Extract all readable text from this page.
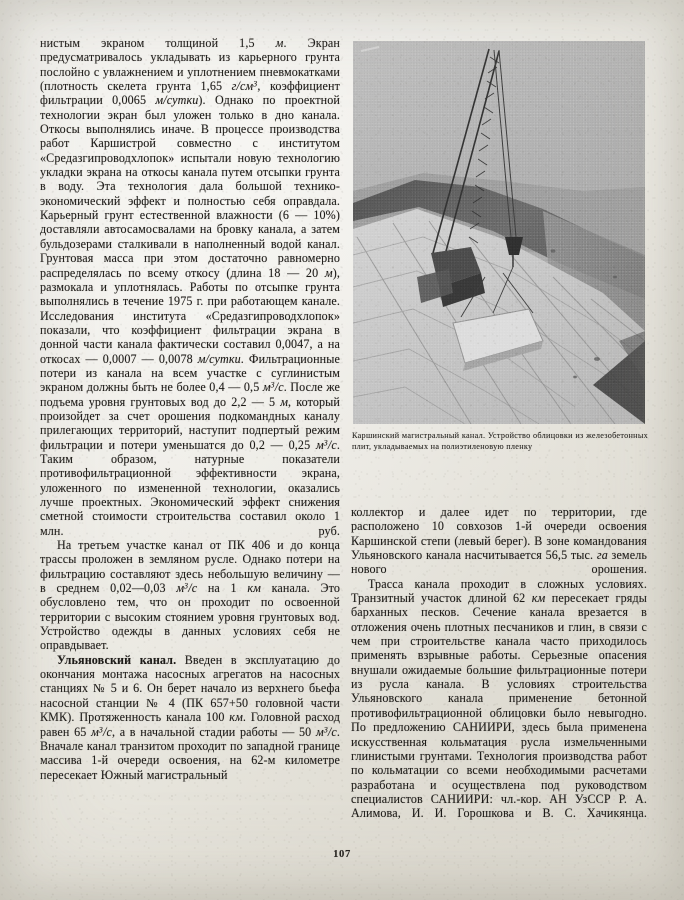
нистым экраном толщиной 1,5 м. Экран предусматривалось укладывать из карьерного грунта послойно с увлажнением и уплотнением пневмокатками (плотность скелета грунта 1,65 $г/см^3$, коэффициент фильтрации 0,0065 м/сутки). Однако по проектной технологии экран был уложен только в дно канала. Откосы выполнялись иначе. В процессе производства работ Каршистрой совместно с институтом «Средазгипроводхлопок» испытали новую технологию укладки экрана на откосы канала путем отсыпки грунта в воду. Эта технология дала большой технико-экономический эффект и полностью себя оправдала. Карьерный грунт естественной влажности (6 — 10%) доставляли автосамосвалами на бровку канала, а затем бульдозерами сталкивали в наполненный водой канал. Грунтовая масса при этом достаточно равномерно распределялась по всему откосу (длина 18 — 20 м), размокала и уплотнялась. Работы по отсыпке грунта выполнялись в течение 1975 г. при работающем канале. Исследования института «Средазгипроводхлопок» показали, что коэффициент фильтрации экрана в донной части канала фактически составил 0,0047, а на откосах — 0,0007 — 0,0078 м/сутки. Фильтрационные потери из канала на всем участке с суглинистым экраном должны быть не более 0,4 — 0,5 $м^3/с$. После же подъема уровня грунтовых вод до 2,2 — 5 м, который произойдет за счет орошения подкомандных каналу прилегающих территорий, наступит подпертый режим фильтрации и потери уменьшатся до 0,2 — 0,25 $м^3/с$. Таким образом, натурные показатели противофильтрационной эффективности экрана, уложенного по измененной технологии, оказались лучше проектных. Экономический эффект снижения сметной стоимости строительства составил около 1 млн. руб.

На третьем участке канал от ПК 406 и до конца трассы проложен в земляном русле. Однако потери на фильтрацию составляют здесь небольшую величину — в среднем 0,02—0,03 $м^3/с$ на 1 км канала. Это обусловлено тем, что он проходит по освоенной территории с высоким стоянием уровня грунтовых вод. Устройство одежды в данных условиях себя не оправдывает.

Ульяновский канал. Введен в эксплуатацию до окончания монтажа насосных агрегатов на насосных станциях № 5 и 6. Он берет начало из верхнего бьефа насосной станции № 4 (ПК 657+50 головной части КМК). Протяженность канала 100 км. Головной расход равен 65 $м^3/с$, а в начальной стадии работы — 50 $м^3/с$. Вначале канал транзитом проходит по западной границе массива 1-й очереди освоения, на 62-м километре пересекает Южный магистральный

Каршинский магистральный канал. Устройство облицовки из железобетонных плит, укладываемых на полиэтиленовую пленку

коллектор и далее идет по территории, где расположено 10 совхозов 1-й очереди освоения Каршинской степи (левый берег). В зоне командования Ульяновского канала насчитывается 56,5 тыс. га земель нового орошения.

Трасса канала проходит в сложных условиях. Транзитный участок длиной 62 км пересекает гряды барханных песков. Сечение канала врезается в отложения очень плотных песчаников и глин, в связи с чем при строительстве канала часто приходилось применять взрывные работы. Серьезные опасения внушали ожидаемые большие фильтрационные потери из русла канала. В условиях строительства Ульяновского канала применение бетонной противофильтрационной облицовки было невыгодно. По предложению САНИИРИ, здесь была применена искусственная кольматация русла измельченными глинистыми грунтами. Технология производства работ по кольматации со всеми необходимыми расчетами разработана и осуществлена под руководством специалистов САНИИРИ: чл.-кор. АН УзССР Р. А. Алимова, И. И. Горошкова и В. С. Хачикянца.

107
